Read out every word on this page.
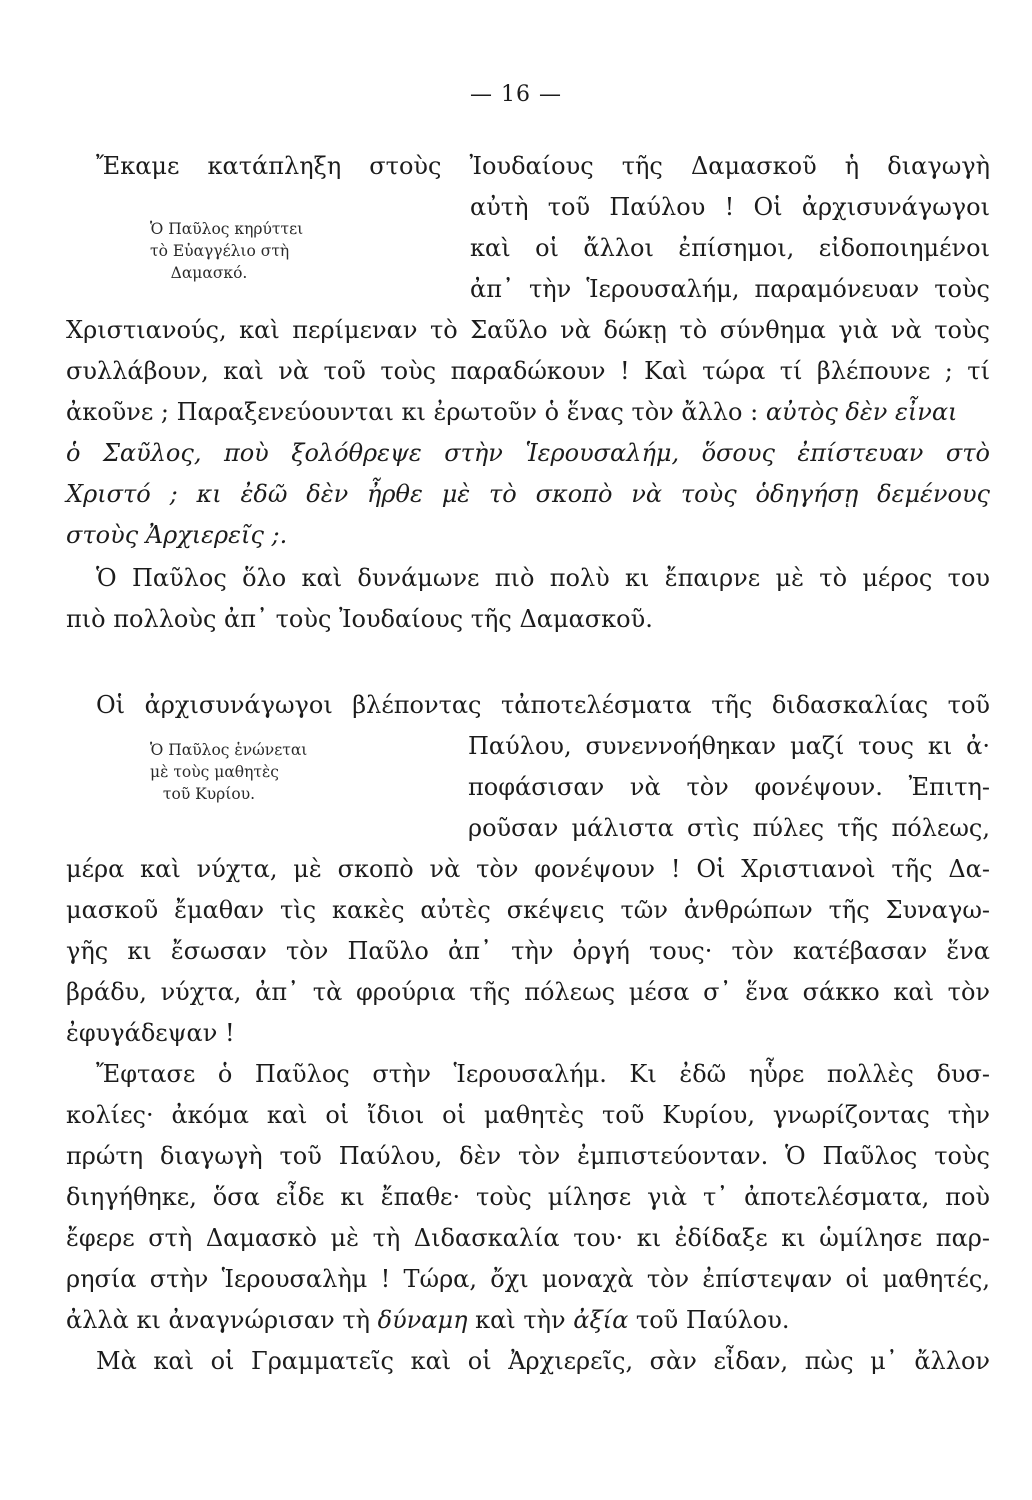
— 16 —
Ὁ Παῦλος κηρύττει
τὸ Εὐαγγέλιο στὴ
Δαμασκό.
Ἔκαμε κατάπληξη στοὺς Ἰουδαίους τῆς Δαμασκοῦ ἡ διαγωγὴ
αὐτὴ τοῦ Παύλου ! Οἱ ἀρχισυνάγωγοι
καὶ οἱ ἄλλοι ἐπίσημοι, εἰδοποιημένοι
ἀπ᾽ τὴν Ἱερουσαλήμ, παραμόνευαν τοὺς
Χριστιανούς, καὶ περίμεναν τὸ Σαῦλο νὰ δώκῃ τὸ σύνθημα γιὰ νὰ τοὺς
συλλάβουν, καὶ νὰ τοῦ τοὺς παραδώκουν ! Καὶ τώρα τί βλέπουνε ; τί
ἀκοῦνε ; Παραξενεύουνται κι ἐρωτοῦν ὁ ἕνας τὸν ἄλλο : αὐτὸς δὲν εἶναι
ὁ Σαῦλος, ποὺ ξολόθρεψε στὴν Ἱερουσαλήμ, ὅσους ἐπίστευαν στὸ
Χριστό ; κι ἐδῶ δὲν ἦρθε μὲ τὸ σκοπὸ νὰ τοὺς ὁδηγήσῃ δεμένους
στοὺς Ἀρχιερεῖς ;.
Ὁ Παῦλος ὅλο καὶ δυνάμωνε πιὸ πολὺ κι ἔπαιρνε μὲ τὸ μέρος του
πιὸ πολλοὺς ἀπ᾽ τοὺς Ἰουδαίους τῆς Δαμασκοῦ.
Ὁ Παῦλος ἑνώνεται
μὲ τοὺς μαθητὲς
τοῦ Κυρίου.
Οἱ ἀρχισυνάγωγοι βλέποντας τἀποτελέσματα τῆς διδασκαλίας τοῦ
Παύλου, συνεννοήθηκαν μαζί τους κι ἀ·
ποφάσισαν νὰ τὸν φονέψουν. Ἐπιτη-
ροῦσαν μάλιστα στὶς πύλες τῆς πόλεως,
μέρα καὶ νύχτα, μὲ σκοπὸ νὰ τὸν φονέψουν ! Οἱ Χριστιανοὶ τῆς Δα-
μασκοῦ ἔμαθαν τὶς κακὲς αὐτὲς σκέψεις τῶν ἀνθρώπων τῆς Συναγω-
γῆς κι ἔσωσαν τὸν Παῦλο ἀπ᾽ τὴν ὀργή τους· τὸν κατέβασαν ἕνα
βράδυ, νύχτα, ἀπ᾽ τὰ φρούρια τῆς πόλεως μέσα σ᾽ ἕνα σάκκο καὶ τὸν
ἐφυγάδεψαν !
Ἔφτασε ὁ Παῦλος στὴν Ἱερουσαλήμ. Κι ἐδῶ ηὗρε πολλὲς δυσ-
κολίες· ἀκόμα καὶ οἱ ἴδιοι οἱ μαθητὲς τοῦ Κυρίου, γνωρίζοντας τὴν
πρώτη διαγωγὴ τοῦ Παύλου, δὲν τὸν ἐμπιστεύονταν. Ὁ Παῦλος τοὺς
διηγήθηκε, ὅσα εἶδε κι ἔπαθε· τοὺς μίλησε γιὰ τ᾽ ἀποτελέσματα, ποὺ
ἔφερε στὴ Δαμασκὸ μὲ τὴ Διδασκαλία του· κι ἐδίδαξε κι ὡμίλησε παρ-
ρησία στὴν Ἱερουσαλὴμ ! Τώρα, ὄχι μοναχὰ τὸν ἐπίστεψαν οἱ μαθητές,
ἀλλὰ κι ἀναγνώρισαν τὴ δύναμη καὶ τὴν ἀξία τοῦ Παύλου.
Μὰ καὶ οἱ Γραμματεῖς καὶ οἱ Ἀρχιερεῖς, σὰν εἶδαν, πὼς μ᾽ ἄλλον
